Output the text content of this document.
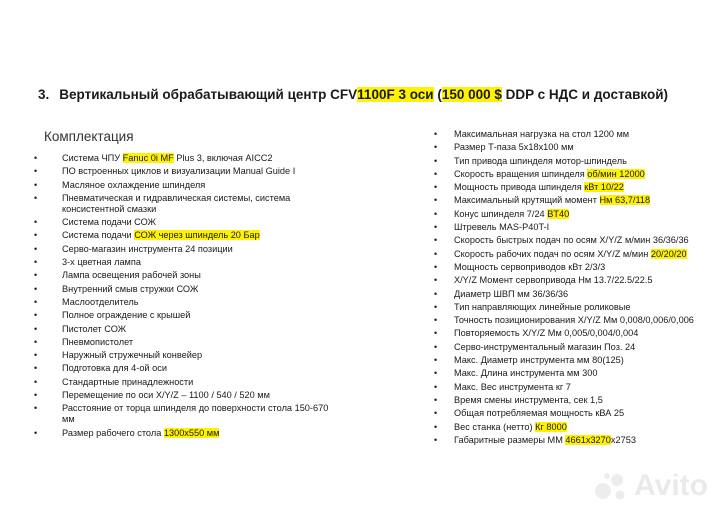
3. Вертикальный обрабатывающий центр CFV1100F 3 оси (150 000 $ DDP с НДС и доставкой)
Комплектация
• Система ЧПУ Fanuc 0i MF Plus 3, включая AICC2
• ПО встроенных циклов и визуализации Manual Guide I
• Масляное охлаждение шпинделя
• Пневматическая и гидравлическая системы, система консистентной смазки
• Система подачи СОЖ
• Система подачи СОЖ через шпиндель 20 Бар
• Серво-магазин инструмента 24 позиции
• 3-х цветная лампа
• Лампа освещения рабочей зоны
• Внутренний смыв стружки СОЖ
• Маслоотделитель
• Полное ограждение с крышей
• Пистолет СОЖ
• Пневмопистолет
• Наружный стружечный конвейер
• Подготовка для 4-ой оси
• Стандартные принадлежности
• Перемещение по оси X/Y/Z – 1100 / 540 / 520 мм
• Расстояние от торца шпинделя до поверхности стола 150-670 мм
• Размер рабочего стола 1300x550 мм
• Максимальная нагрузка на стол 1200 мм
• Размер Т-паза 5x18x100 мм
• Тип привода шпинделя мотор-шпиндель
• Скорость вращения шпинделя об/мин 12000
• Мощность привода шпинделя кВт 10/22
• Максимальный крутящий момент Нм 63,7/118
• Конус шпинделя 7/24 BT40
• Штревель MAS-P40T-I
• Скорость быстрых подач по осям X/Y/Z м/мин 36/36/36
• Скорость рабочих подач по осям X/Y/Z м/мин 20/20/20
• Мощность сервоприводов кВт 2/3/3
• X/Y/Z Момент сервопривода Нм 13.7/22.5/22.5
• Диаметр ШВП мм 36/36/36
• Тип направляющих линейные роликовые
• Точность позиционирования X/Y/Z Мм 0,008/0,006/0,006
• Повторяемость X/Y/Z Мм 0,005/0,004/0,004
• Серво-инструментальный магазин Поз. 24
• Макс. Диаметр инструмента мм 80(125)
• Макс. Длина инструмента мм 300
• Макс. Вес инструмента кг 7
• Время смены инструмента, сек 1,5
• Общая потребляемая мощность кВА 25
• Вес станка (нетто) Кг 8000
• Габаритные размеры ММ 4661x3270x2753
Avito
